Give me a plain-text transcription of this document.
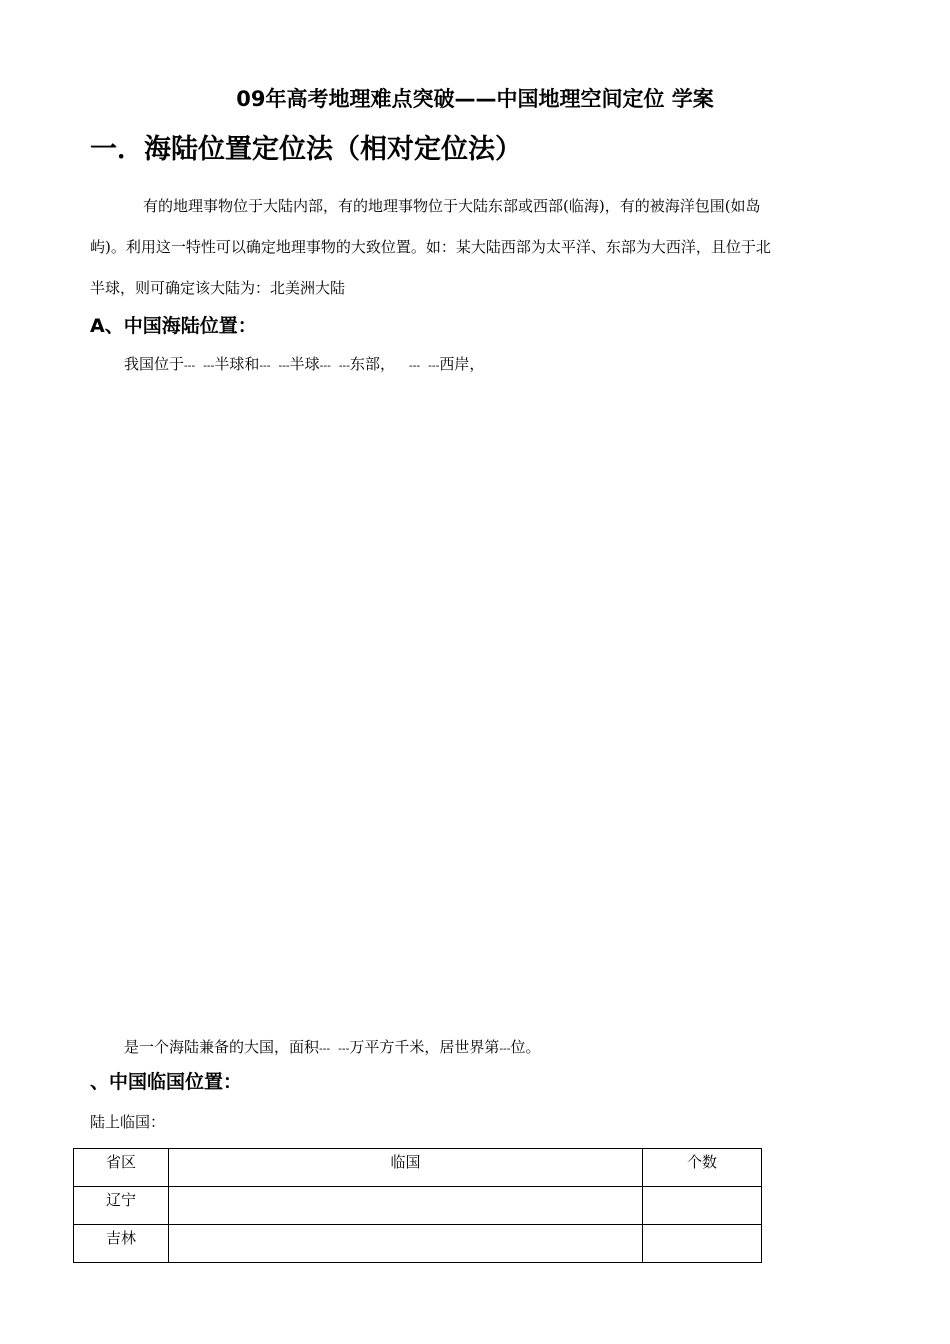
09年高考地理难点突破——中国地理空间定位 学案
一．海陆位置定位法（相对定位法）
有的地理事物位于大陆内部，有的地理事物位于大陆东部或西部(临海)，有的被海洋包围(如岛
屿)。利用这一特性可以确定地理事物的大致位置。如：某大陆西部为太平洋、东部为大西洋，且位于北
半球，则可确定该大陆为：北美洲大陆
A、中国海陆位置：
我国位于--- ---半球和--- ---半球--- ---东部， --- ---西岸，
是一个海陆兼备的大国，面积--- ---万平方千米，居世界第---位。
、中国临国位置：
陆上临国：
省区	临国	个数
辽宁		
吉林		
